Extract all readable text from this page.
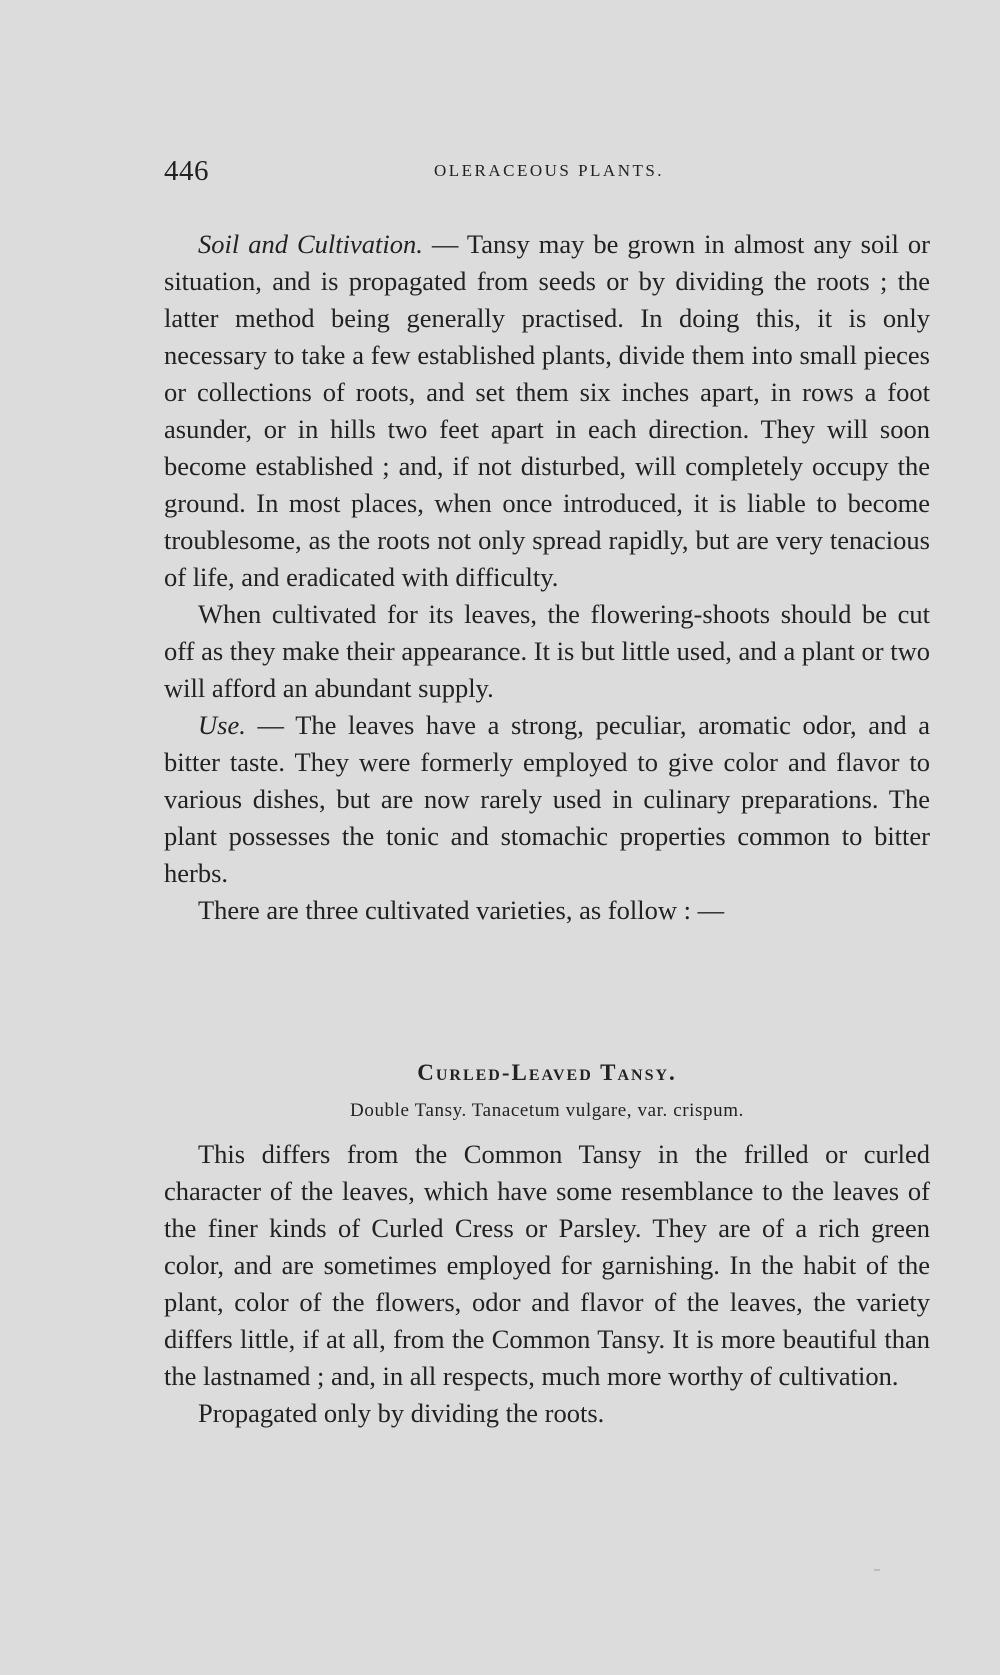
446	OLERACEOUS PLANTS.

Soil and Cultivation. — Tansy may be grown in almost any soil or situation, and is propagated from seeds or by dividing the roots ; the latter method being generally practised. In doing this, it is only necessary to take a few established plants, divide them into small pieces or collections of roots, and set them six inches apart, in rows a foot asunder, or in hills two feet apart in each direction. They will soon become established ; and, if not disturbed, will completely occupy the ground. In most places, when once introduced, it is liable to become troublesome, as the roots not only spread rapidly, but are very tenacious of life, and eradicated with difficulty.

When cultivated for its leaves, the flowering-shoots should be cut off as they make their appearance. It is but little used, and a plant or two will afford an abundant supply.

Use. — The leaves have a strong, peculiar, aromatic odor, and a bitter taste. They were formerly employed to give color and flavor to various dishes, but are now rarely used in culinary preparations. The plant possesses the tonic and stomachic properties common to bitter herbs.

There are three cultivated varieties, as follow : —

Curled-Leaved Tansy.

Double Tansy. Tanacetum vulgare, var. crispum.

This differs from the Common Tansy in the frilled or curled character of the leaves, which have some resemblance to the leaves of the finer kinds of Curled Cress or Parsley. They are of a rich green color, and are sometimes employed for garnishing. In the habit of the plant, color of the flowers, odor and flavor of the leaves, the variety differs little, if at all, from the Common Tansy. It is more beautiful than the lastnamed ; and, in all respects, much more worthy of cultivation.

Propagated only by dividing the roots.
